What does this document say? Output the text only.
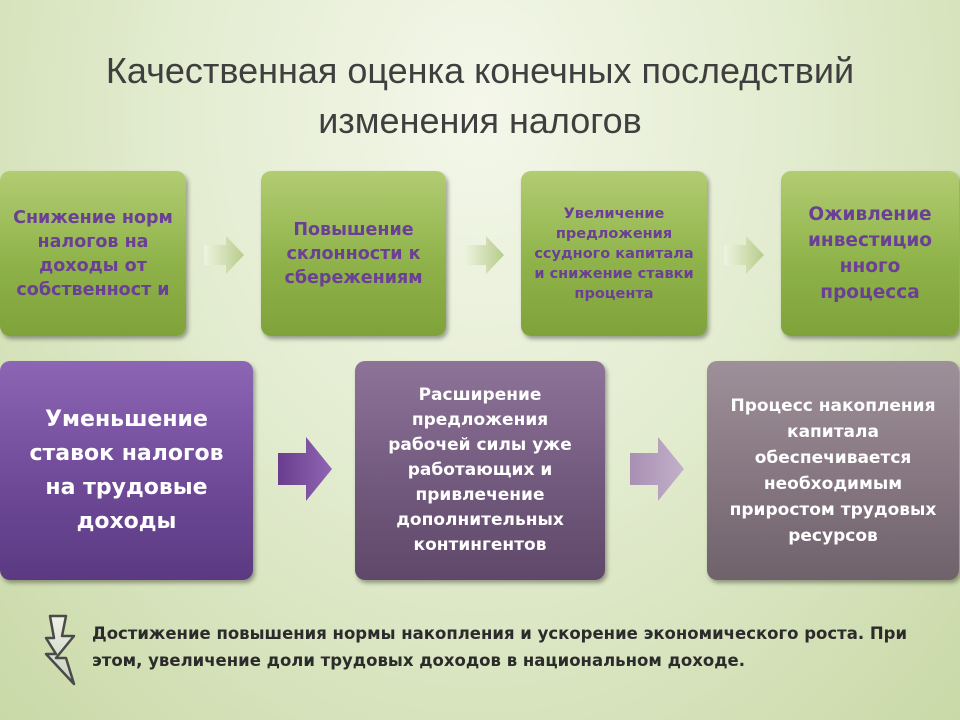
Качественная оценка конечных последствий
изменения налогов
Снижение норм налогов на доходы от собственност и
Повышение склонности к сбережениям
Увеличение предложения ссудного капитала и снижение ставки процента
Оживление инвестицио нного процесса
Уменьшение ставок налогов на трудовые доходы
Расширение предложения рабочей силы уже работающих и привлечение дополнительных контингентов
Процесс накопления капитала обеспечивается необходимым приростом трудовых ресурсов
Достижение повышения нормы накопления и ускорение экономического роста. При этом, увеличение доли трудовых доходов в национальном доходе.
